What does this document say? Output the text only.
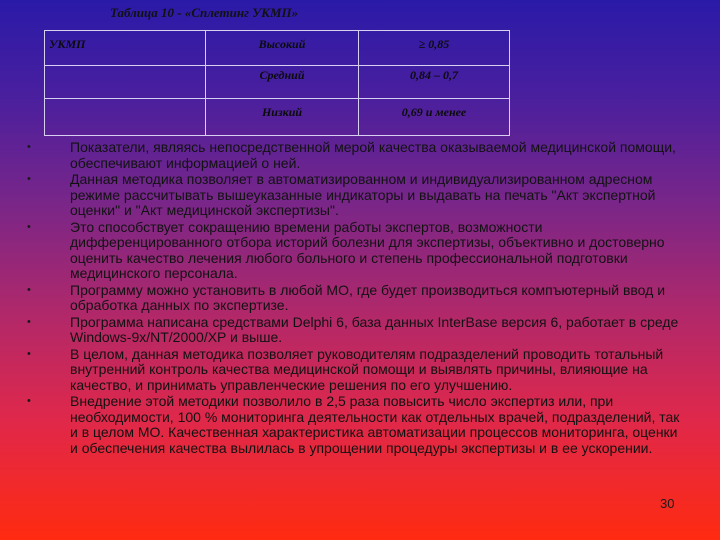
Таблица 10 - «Сплетинг УКМП»
УКМП	Высокий	≥ 0,85
	Средний	0,84 – 0,7
	Низкий	0,69 и менее
•	Показатели, являясь непосредственной мерой качества оказываемой медицинской помощи, обеспечивают информацией о ней.
•	Данная методика позволяет в автоматизированном и индивидуализированном адресном режиме рассчитывать вышеуказанные индикаторы и выдавать на печать "Акт экспертной оценки" и "Акт медицинской экспертизы".
•	Это способствует сокращению времени работы экспертов, возможности дифференцированного отбора историй болезни для экспертизы, объективно и достоверно оценить качество лечения любого больного и степень профессиональной подготовки медицинского персонала.
•	Программу можно установить в любой МО, где будет производиться компъютерный ввод и обработка данных по экспертизе.
•	Программа написана средствами Delphi 6, база данных InterBase версия 6, работает в среде Windows-9x/NT/2000/XP и выше.
•	В целом, данная методика позволяет руководителям подразделений проводить тотальный внутренний контроль качества медицинской помощи и выявлять причины, влияющие на качество, и принимать управленческие решения по его улучшению.
•	Внедрение этой методики позволило в 2,5 раза повысить число экспертиз или, при необходимости, 100 % мониторинга деятельности как отдельных врачей, подразделений, так и в целом МО. Качественная характеристика автоматизации процессов мониторинга, оценки и обеспечения качества вылилась в упрощении процедуры экспертизы и в ее ускорении.
30
